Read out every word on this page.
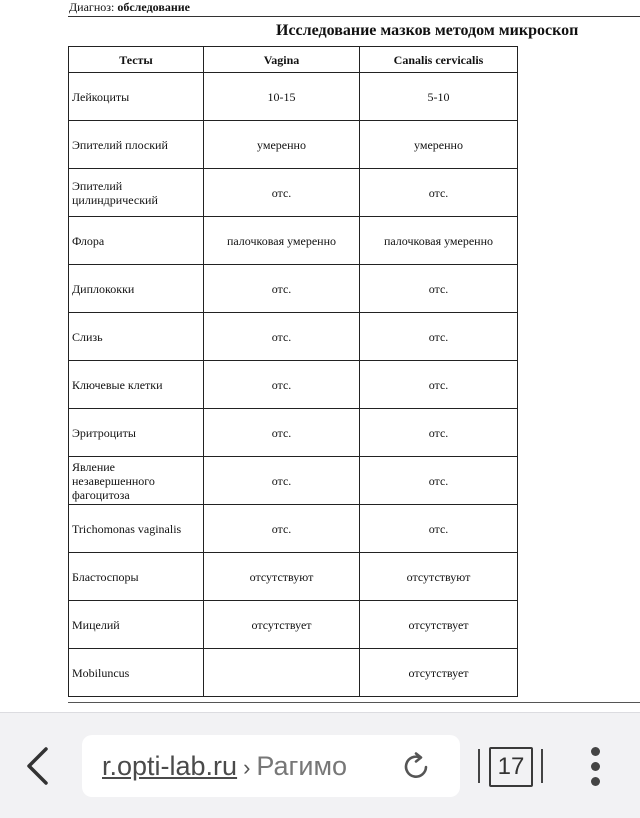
Диагноз: обследование
Исследование мазков методом микроскоп
Тесты	Vagina	Canalis cervicalis
Лейкоциты	10-15	5-10
Эпителий плоский	умеренно	умеренно
Эпителий цилиндрический	отс.	отс.
Флора	палочковая умеренно	палочковая умеренно
Диплококки	отс.	отс.
Слизь	отс.	отс.
Ключевые клетки	отс.	отс.
Эритроциты	отс.	отс.
Явление незавершенного фагоцитоза	отс.	отс.
Trichomonas vaginalis	отс.	отс.
Бластоспоры	отсутствуют	отсутствуют
Мицелий	отсутствует	отсутствует
Mobiluncus		отсутствует
r.opti-lab.ru › Рагимо	17
